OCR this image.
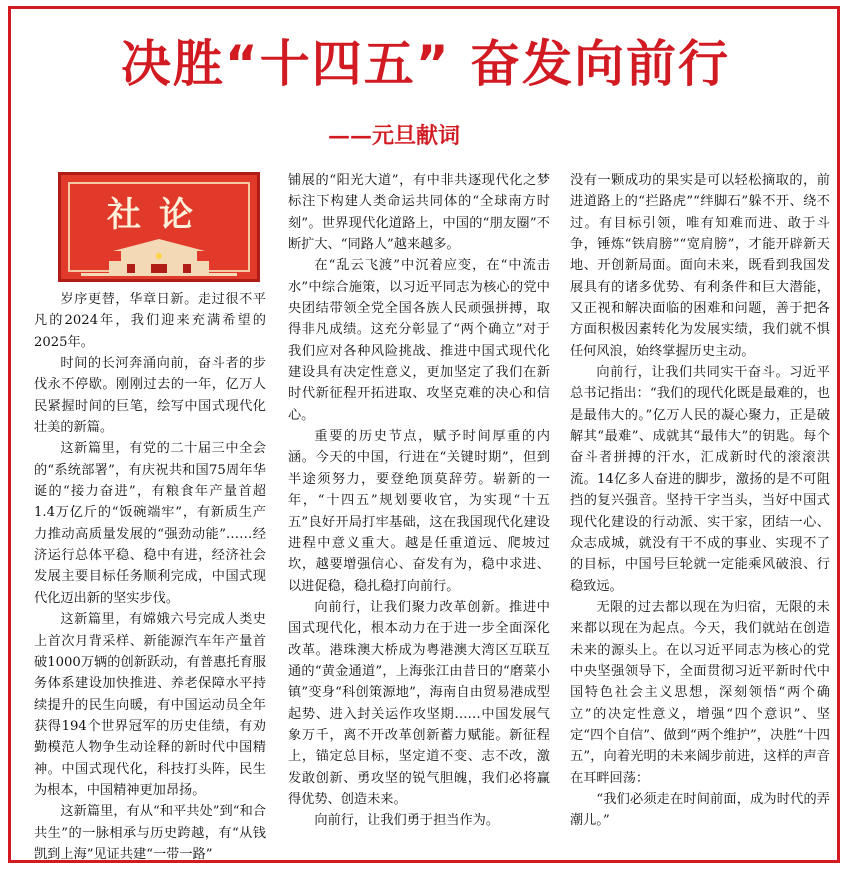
决胜“十四五” 奋发向前行
——元旦献词
社论

岁序更替，华章日新。走过很不平凡的2024年，我们迎来充满希望的2025年。

时间的长河奔涌向前，奋斗者的步伐永不停歇。刚刚过去的一年，亿万人民紧握时间的巨笔，绘写中国式现代化壮美的新篇。

这新篇里，有党的二十届三中全会的“系统部署”，有庆祝共和国75周年华诞的“接力奋进”，有粮食年产量首超1.4万亿斤的“饭碗端牢”，有新质生产力推动高质量发展的“强劲动能”……经济运行总体平稳、稳中有进，经济社会发展主要目标任务顺利完成，中国式现代化迈出新的坚实步伐。

这新篇里，有嫦娥六号完成人类史上首次月背采样、新能源汽车年产量首破1000万辆的创新跃动，有普惠托育服务体系建设加快推进、养老保障水平持续提升的民生向暖，有中国运动员全年获得194个世界冠军的历史佳绩，有劝勤模范人物争生动诠释的新时代中国精神。中国式现代化，科技打头阵，民生为根本，中国精神更加昂扬。

这新篇里，有从“和平共处”到“和合共生”的一脉相承与历史跨越，有“从钱凯到上海”见证共建“一带一路”

铺展的“阳光大道”，有中非共逐现代化之梦标注下构建人类命运共同体的“全球南方时刻”。世界现代化道路上，中国的“朋友圈”不断扩大、“同路人”越来越多。

在“乱云飞渡”中沉着应变，在“中流击水”中综合施策，以习近平同志为核心的党中央团结带领全党全国各族人民顽强拼搏，取得非凡成绩。这充分彰显了“两个确立”对于我们应对各种风险挑战、推进中国式现代化建设具有决定性意义，更加坚定了我们在新时代新征程开拓进取、攻坚克难的决心和信心。

重要的历史节点，赋予时间厚重的内涵。今天的中国，行进在“关键时期”，但到半途须努力，要登绝顶莫辞劳。崭新的一年，“十四五”规划要收官，为实现“十五五”良好开局打牢基础，这在我国现代化建设进程中意义重大。越是任重道远、爬坡过坎，越要增强信心、奋发有为，稳中求进、以进促稳，稳扎稳打向前行。

向前行，让我们聚力改革创新。推进中国式现代化，根本动力在于进一步全面深化改革。港珠澳大桥成为粤港澳大湾区互联互通的“黄金通道”，上海张江由昔日的“磨菜小镇”变身“科创策源地”，海南自由贸易港成型起势、进入封关运作攻坚期……中国发展气象万千，离不开改革创新蓄力赋能。新征程上，锚定总目标，坚定道不变、志不改，激发敢创新、勇攻坚的锐气胆魄，我们必将赢得优势、创造未来。

向前行，让我们勇于担当作为。

没有一颗成功的果实是可以轻松摘取的，前进道路上的“拦路虎”“绊脚石”躲不开、绕不过。有目标引领，唯有知难而进、敢于斗争，锤炼“铁肩膀”“宽肩膀”，才能开辟新天地、开创新局面。面向未来，既看到我国发展具有的诸多优势、有利条件和巨大潜能，又正视和解决面临的困难和问题，善于把各方面积极因素转化为发展实绩，我们就不惧任何风浪，始终掌握历史主动。

向前行，让我们共同实干奋斗。习近平总书记指出：“我们的现代化既是最难的，也是最伟大的。”亿万人民的凝心聚力，正是破解其“最难”、成就其“最伟大”的钥匙。每个奋斗者拼搏的汗水，汇成新时代的滚滚洪流。14亿多人奋进的脚步，激扬的是不可阻挡的复兴强音。坚持干字当头，当好中国式现代化建设的行动派、实干家，团结一心、众志成城，就没有干不成的事业、实现不了的目标，中国号巨轮就一定能乘风破浪、行稳致远。

无限的过去都以现在为归宿，无限的未来都以现在为起点。今天，我们就站在创造未来的源头上。在以习近平同志为核心的党中央坚强领导下，全面贯彻习近平新时代中国特色社会主义思想，深刻领悟“两个确立”的决定性意义，增强“四个意识”、坚定“四个自信”、做到“两个维护”，决胜“十四五”，向着光明的未来阔步前进，这样的声音在耳畔回荡：

“我们必须走在时间前面，成为时代的弄潮儿。”
